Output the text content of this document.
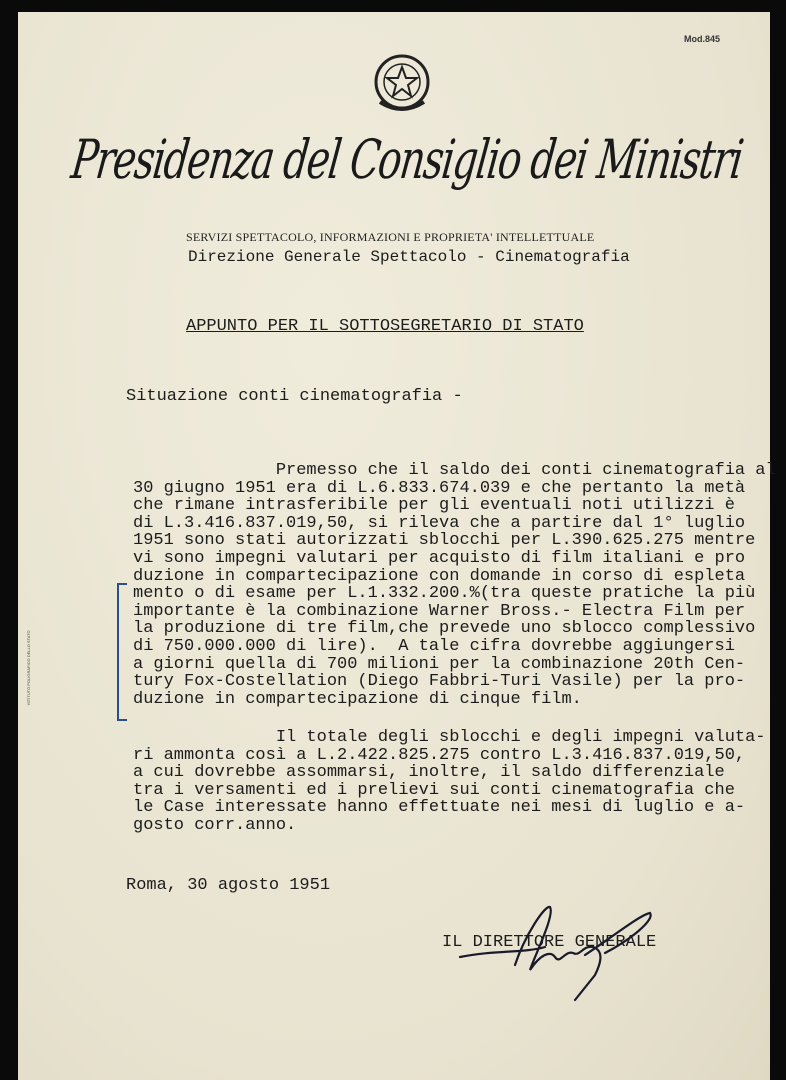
Mod.845
Presidenza del Consiglio dei Ministri
SERVIZI SPETTACOLO, INFORMAZIONI E PROPRIETA' INTELLETTUALE
Direzione Generale Spettacolo - Cinematografia
ISTITUTO POLIGRAFICO DELLO STATO
APPUNTO PER IL SOTTOSEGRETARIO DI STATO
Situazione conti cinematografia -
Premesso che il saldo dei conti cinematografia al
30 giugno 1951 era di L.6.833.674.039 e che pertanto la metà
che rimane intrasferibile per gli eventuali noti utilizzi è
di L.3.416.837.019,50, si rileva che a partire dal 1° luglio
1951 sono stati autorizzati sblocchi per L.390.625.275 mentre
vi sono impegni valutari per acquisto di film italiani e pro
duzione in compartecipazione con domande in corso di espleta
mento o di esame per L.1.332.200.%(tra queste pratiche la più
importante è la combinazione Warner Bross.- Electra Film per
la produzione di tre film,che prevede uno sblocco complessivo
di 750.000.000 di lire).  A tale cifra dovrebbe aggiungersi
a giorni quella di 700 milioni per la combinazione 20th Cen-
tury Fox-Costellation (Diego Fabbri-Turi Vasile) per la pro-
duzione in compartecipazione di cinque film.
Il totale degli sblocchi e degli impegni valuta-
ri ammonta così a L.2.422.825.275 contro L.3.416.837.019,50,
a cui dovrebbe assommarsi, inoltre, il saldo differenziale
tra i versamenti ed i prelievi sui conti cinematografia che
le Case interessate hanno effettuate nei mesi di luglio e a-
gosto corr.anno.
Roma, 30 agosto 1951
IL DIRETTORE GENERALE
